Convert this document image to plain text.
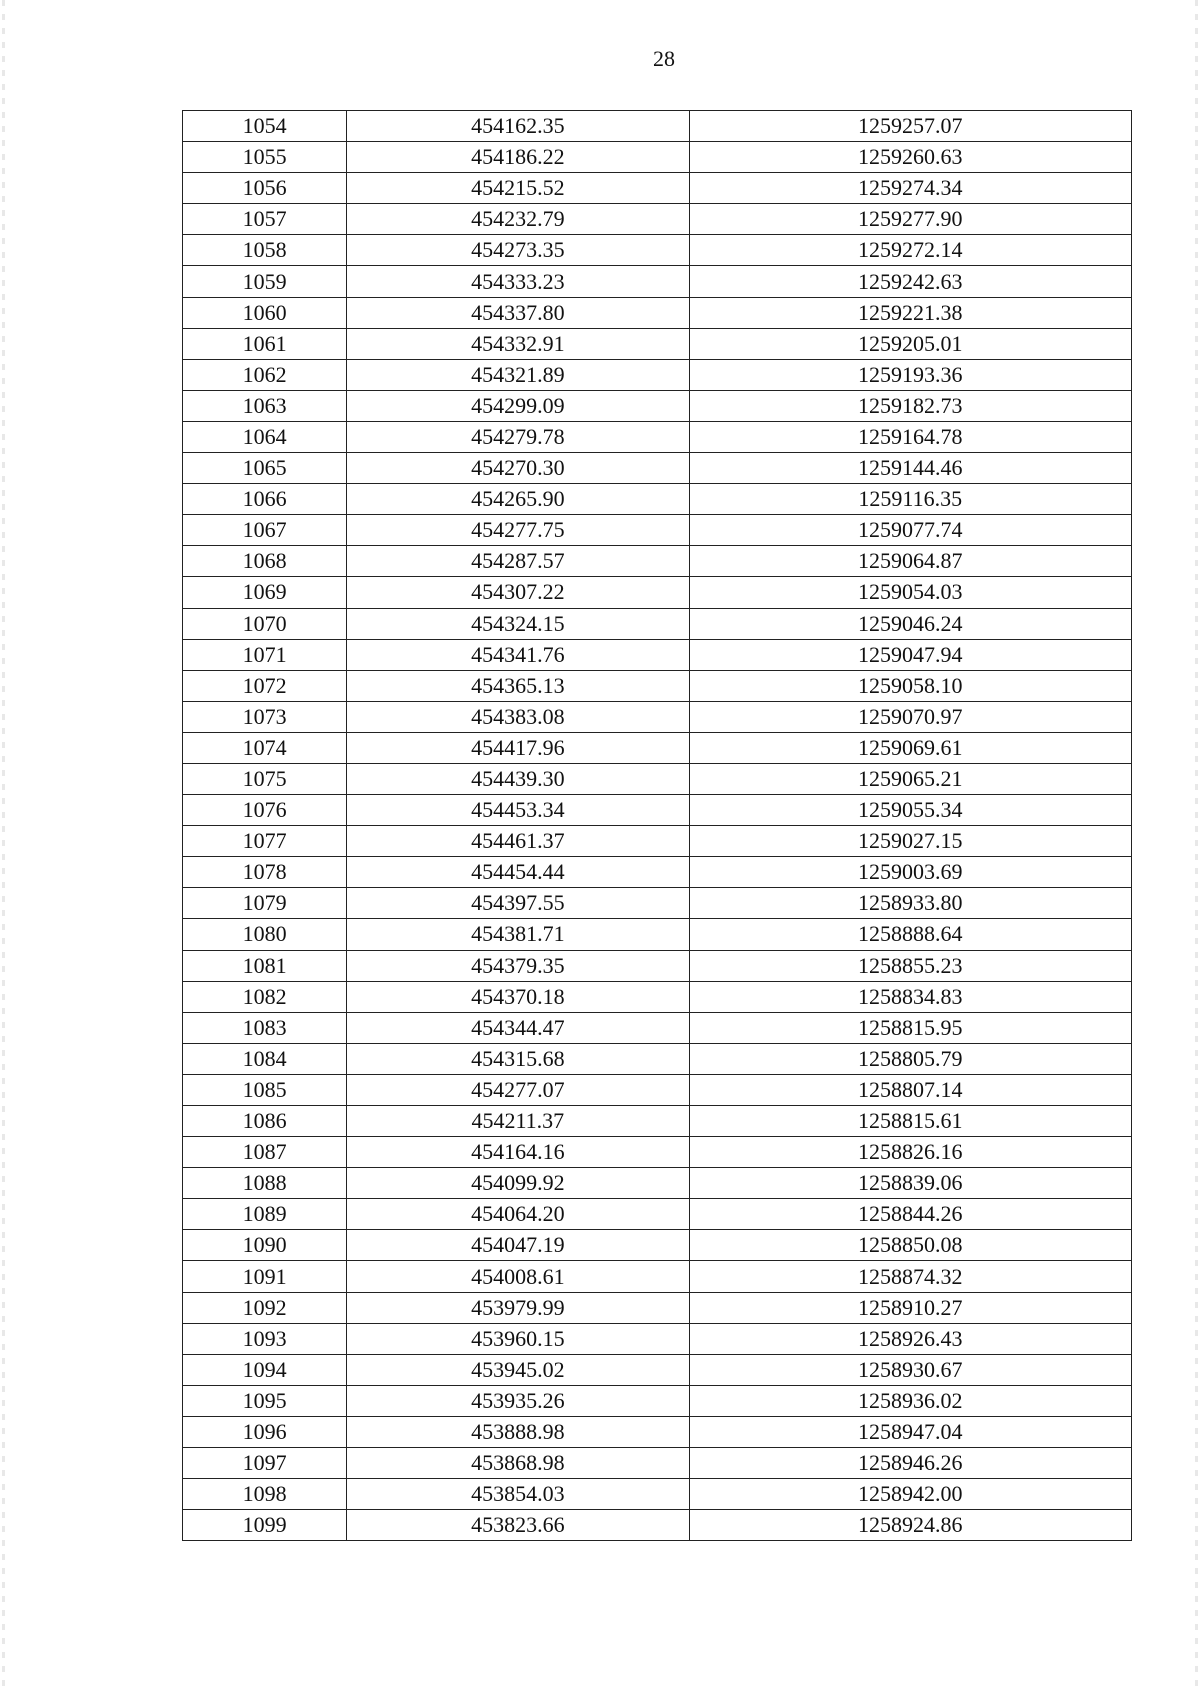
28
1054	454162.35	1259257.07
1055	454186.22	1259260.63
1056	454215.52	1259274.34
1057	454232.79	1259277.90
1058	454273.35	1259272.14
1059	454333.23	1259242.63
1060	454337.80	1259221.38
1061	454332.91	1259205.01
1062	454321.89	1259193.36
1063	454299.09	1259182.73
1064	454279.78	1259164.78
1065	454270.30	1259144.46
1066	454265.90	1259116.35
1067	454277.75	1259077.74
1068	454287.57	1259064.87
1069	454307.22	1259054.03
1070	454324.15	1259046.24
1071	454341.76	1259047.94
1072	454365.13	1259058.10
1073	454383.08	1259070.97
1074	454417.96	1259069.61
1075	454439.30	1259065.21
1076	454453.34	1259055.34
1077	454461.37	1259027.15
1078	454454.44	1259003.69
1079	454397.55	1258933.80
1080	454381.71	1258888.64
1081	454379.35	1258855.23
1082	454370.18	1258834.83
1083	454344.47	1258815.95
1084	454315.68	1258805.79
1085	454277.07	1258807.14
1086	454211.37	1258815.61
1087	454164.16	1258826.16
1088	454099.92	1258839.06
1089	454064.20	1258844.26
1090	454047.19	1258850.08
1091	454008.61	1258874.32
1092	453979.99	1258910.27
1093	453960.15	1258926.43
1094	453945.02	1258930.67
1095	453935.26	1258936.02
1096	453888.98	1258947.04
1097	453868.98	1258946.26
1098	453854.03	1258942.00
1099	453823.66	1258924.86
